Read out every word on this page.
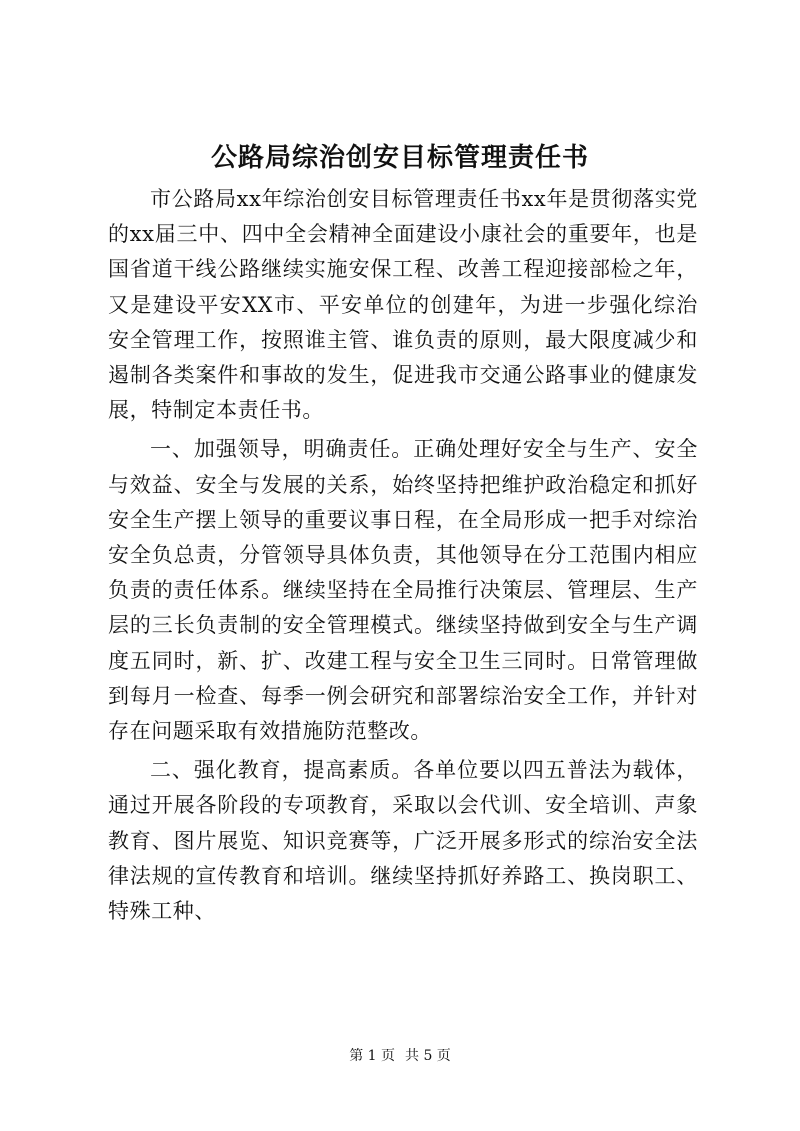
公路局综治创安目标管理责任书

市公路局xx年综治创安目标管理责任书xx年是贯彻落实党的xx届三中、四中全会精神全面建设小康社会的重要年，也是国省道干线公路继续实施安保工程、改善工程迎接部检之年，又是建设平安XX市、平安单位的创建年，为进一步强化综治安全管理工作，按照谁主管、谁负责的原则，最大限度减少和遏制各类案件和事故的发生，促进我市交通公路事业的健康发展，特制定本责任书。

一、加强领导，明确责任。正确处理好安全与生产、安全与效益、安全与发展的关系，始终坚持把维护政治稳定和抓好安全生产摆上领导的重要议事日程，在全局形成一把手对综治安全负总责，分管领导具体负责，其他领导在分工范围内相应负责的责任体系。继续坚持在全局推行决策层、管理层、生产层的三长负责制的安全管理模式。继续坚持做到安全与生产调度五同时，新、扩、改建工程与安全卫生三同时。日常管理做到每月一检查、每季一例会研究和部署综治安全工作，并针对存在问题采取有效措施防范整改。

二、强化教育，提高素质。各单位要以四五普法为载体，通过开展各阶段的专项教育，采取以会代训、安全培训、声象教育、图片展览、知识竞赛等，广泛开展多形式的综治安全法律法规的宣传教育和培训。继续坚持抓好养路工、换岗职工、特殊工种、

第 1 页 共 5 页
